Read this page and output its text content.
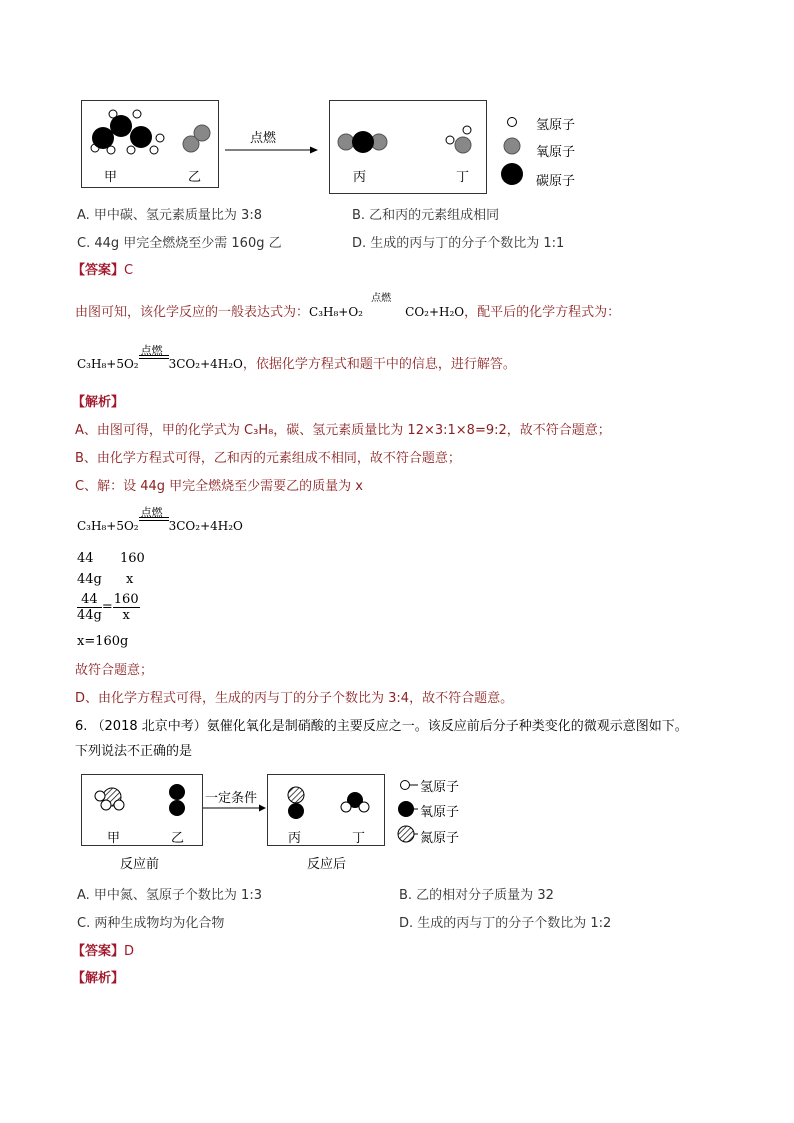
甲	乙
点燃
丙	丁
氢原子
氧原子
碳原子
A. 甲中碳、氢元素质量比为 3:8	B. 乙和丙的元素组成相同
C. 44g 甲完全燃烧至少需 160g 乙	D. 生成的丙与丁的分子个数比为 1:1
【答案】C
由图可知，该化学反应的一般表达式为：C₃H₈+O₂
点燃
CO₂+H₂O，配平后的化学方程式为：
C₃H₈+5O₂
点燃
3CO₂+4H₂O，依据化学方程式和题干中的信息，进行解答。
【解析】
A、由图可得，甲的化学式为 C₃H₈，碳、氢元素质量比为 12×3:1×8=9:2，故不符合题意；
B、由化学方程式可得，乙和丙的元素组成不相同，故不符合题意；
C、解：设 44g 甲完全燃烧至少需要乙的质量为 x
C₃H₈+5O₂
点燃
3CO₂+4H₂O
44 160
44g x
$\frac{44}{44g} = \frac{160}{x}$
x=160g
故符合题意；
D、由化学方程式可得，生成的丙与丁的分子个数比为 3:4，故不符合题意。
6. （2018 北京中考）氨催化氧化是制硝酸的主要反应之一。该反应前后分子种类变化的微观示意图如下。
下列说法不正确的是
甲	乙
一定条件
丙	丁
反应前	反应后
氢原子
氧原子
氮原子
A. 甲中氮、氢原子个数比为 1:3	B. 乙的相对分子质量为 32
C. 两种生成物均为化合物	D. 生成的丙与丁的分子个数比为 1:2
【答案】D
【解析】
